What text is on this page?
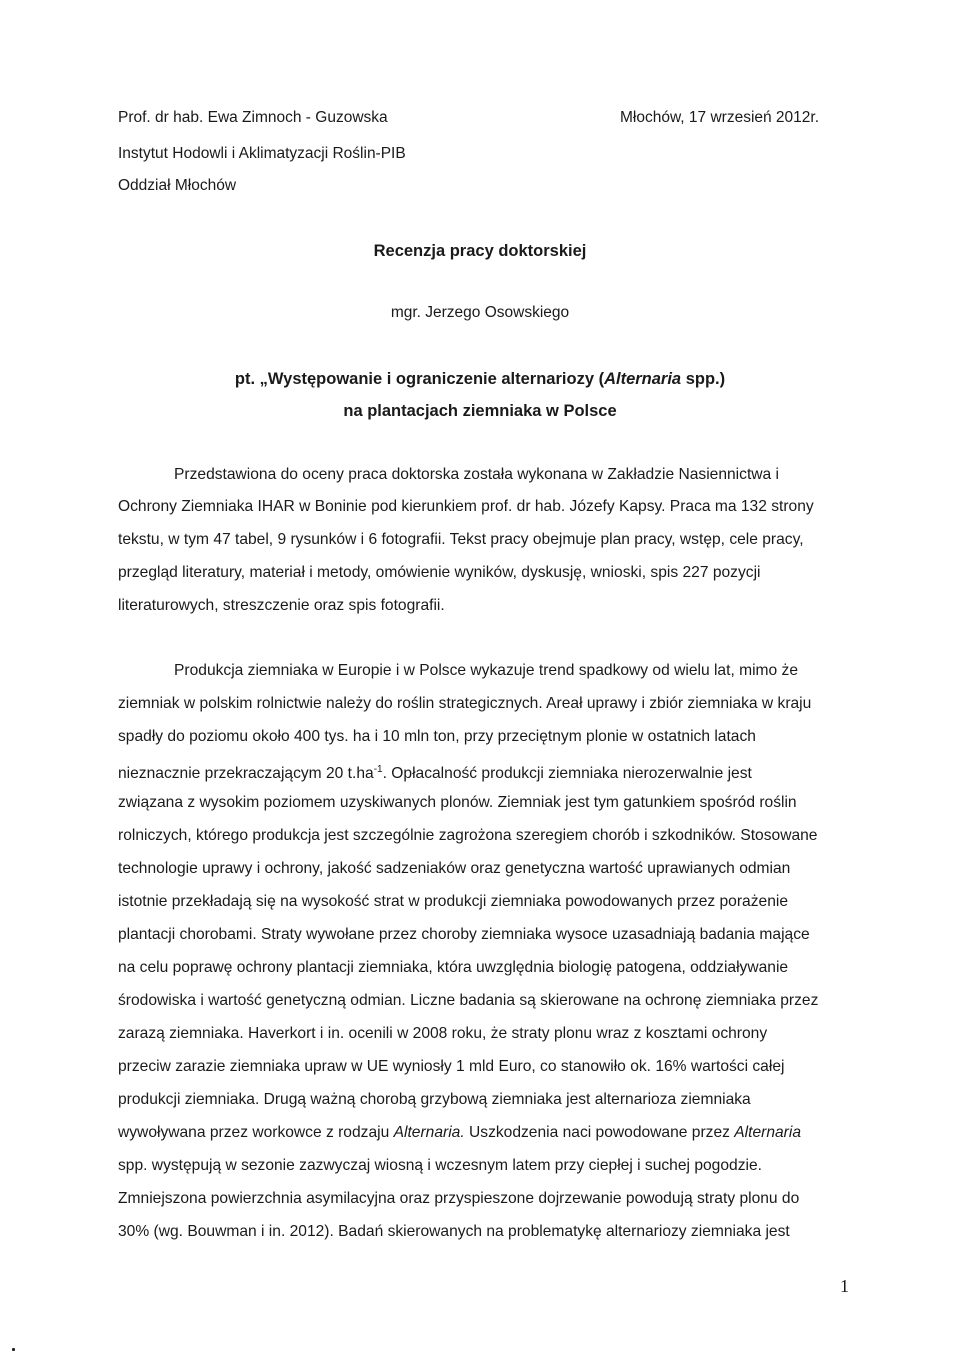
Prof. dr hab. Ewa Zimnoch - Guzowska
Instytut Hodowli i Aklimatyzacji Roślin-PIB
Oddział Młochów
Młochów, 17 wrzesień 2012r.
Recenzja pracy doktorskiej
mgr. Jerzego Osowskiego
pt. „Występowanie i ograniczenie alternariozy (Alternaria spp.)
na plantacjach ziemniaka w Polsce
Przedstawiona do oceny praca doktorska została wykonana w Zakładzie Nasiennictwa i
Ochrony Ziemniaka IHAR w Boninie pod kierunkiem prof. dr hab. Józefy Kapsy. Praca ma 132 strony
tekstu, w tym 47 tabel, 9 rysunków i 6 fotografii. Tekst pracy obejmuje plan pracy, wstęp, cele pracy,
przegląd literatury, materiał i metody, omówienie wyników, dyskusję, wnioski, spis 227 pozycji
literaturowych, streszczenie oraz spis fotografii.
Produkcja ziemniaka w Europie i w Polsce wykazuje trend spadkowy od wielu lat, mimo że
ziemniak w polskim rolnictwie należy do roślin strategicznych. Areał uprawy i zbiór ziemniaka w kraju
spadły do poziomu około 400 tys. ha i 10 mln ton, przy przeciętnym plonie w ostatnich latach
nieznacznie przekraczającym 20 $t.ha^{-1}$. Opłacalność produkcji ziemniaka nierozerwalnie jest
związana z wysokim poziomem uzyskiwanych plonów. Ziemniak jest tym gatunkiem spośród roślin
rolniczych, którego produkcja jest szczególnie zagrożona szeregiem chorób i szkodników. Stosowane
technologie uprawy i ochrony, jakość sadzeniaków oraz genetyczna wartość uprawianych odmian
istotnie przekładają się na wysokość strat w produkcji ziemniaka powodowanych przez porażenie
plantacji chorobami. Straty wywołane przez choroby ziemniaka wysoce uzasadniają badania mające
na celu poprawę ochrony plantacji ziemniaka, która uwzględnia biologię patogena, oddziaływanie
środowiska i wartość genetyczną odmian. Liczne badania są skierowane na ochronę ziemniaka przez
zarazą ziemniaka. Haverkort i in. ocenili w 2008 roku, że straty plonu wraz z kosztami ochrony
przeciw zarazie ziemniaka upraw w UE wyniosły 1 mld Euro, co stanowiło ok. 16% wartości całej
produkcji ziemniaka. Drugą ważną chorobą grzybową ziemniaka jest alternarioza ziemniaka
wywoływana przez workowce z rodzaju Alternaria. Uszkodzenia naci powodowane przez Alternaria
spp. występują w sezonie zazwyczaj wiosną i wczesnym latem przy ciepłej i suchej pogodzie.
Zmniejszona powierzchnia asymilacyjna oraz przyspieszone dojrzewanie powodują straty plonu do
30% (wg. Bouwman i in. 2012). Badań skierowanych na problematykę alternariozy ziemniaka jest
1
